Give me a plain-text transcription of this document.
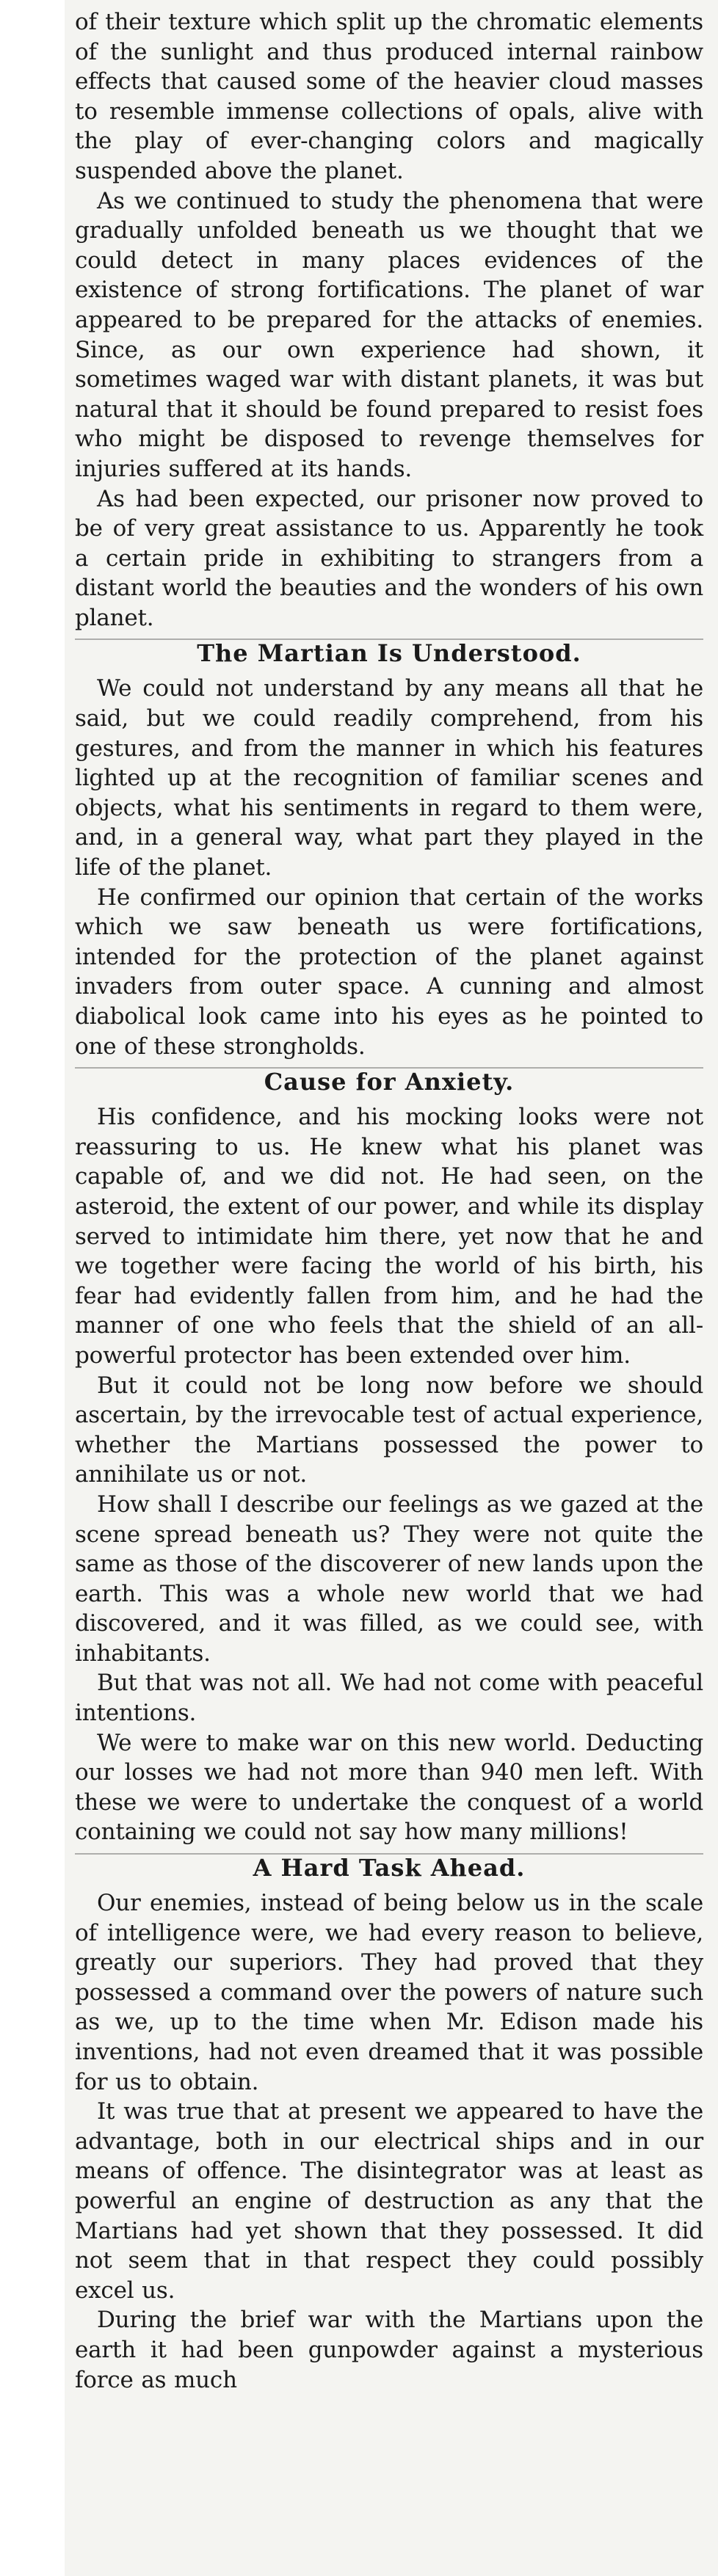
of their texture which split up the chromatic elements of the sunlight and thus produced internal rainbow effects that caused some of the heavier cloud masses to resemble immense collections of opals, alive with the play of ever-changing colors and magically suspended above the planet.

As we continued to study the phenomena that were gradually unfolded beneath us we thought that we could detect in many places evidences of the existence of strong fortifications. The planet of war appeared to be prepared for the attacks of enemies. Since, as our own experience had shown, it sometimes waged war with distant planets, it was but natural that it should be found prepared to resist foes who might be disposed to revenge themselves for injuries suffered at its hands.

As had been expected, our prisoner now proved to be of very great assistance to us. Apparently he took a certain pride in exhibiting to strangers from a distant world the beauties and the wonders of his own planet.

The Martian Is Understood.

We could not understand by any means all that he said, but we could readily comprehend, from his gestures, and from the manner in which his features lighted up at the recognition of familiar scenes and objects, what his sentiments in regard to them were, and, in a general way, what part they played in the life of the planet.

He confirmed our opinion that certain of the works which we saw beneath us were fortifications, intended for the protection of the planet against invaders from outer space. A cunning and almost diabolical look came into his eyes as he pointed to one of these strongholds.

Cause for Anxiety.

His confidence, and his mocking looks were not reassuring to us. He knew what his planet was capable of, and we did not. He had seen, on the asteroid, the extent of our power, and while its display served to intimidate him there, yet now that he and we together were facing the world of his birth, his fear had evidently fallen from him, and he had the manner of one who feels that the shield of an all-powerful protector has been extended over him.

But it could not be long now before we should ascertain, by the irrevocable test of actual experience, whether the Martians possessed the power to annihilate us or not.

How shall I describe our feelings as we gazed at the scene spread beneath us? They were not quite the same as those of the discoverer of new lands upon the earth. This was a whole new world that we had discovered, and it was filled, as we could see, with inhabitants.

But that was not all. We had not come with peaceful intentions.

We were to make war on this new world. Deducting our losses we had not more than 940 men left. With these we were to undertake the conquest of a world containing we could not say how many millions!

A Hard Task Ahead.

Our enemies, instead of being below us in the scale of intelligence were, we had every reason to believe, greatly our superiors. They had proved that they possessed a command over the powers of nature such as we, up to the time when Mr. Edison made his inventions, had not even dreamed that it was possible for us to obtain.

It was true that at present we appeared to have the advantage, both in our electrical ships and in our means of offence. The disintegrator was at least as powerful an engine of destruction as any that the Martians had yet shown that they possessed. It did not seem that in that respect they could possibly excel us.

During the brief war with the Martians upon the earth it had been gunpowder against a mysterious force as much
